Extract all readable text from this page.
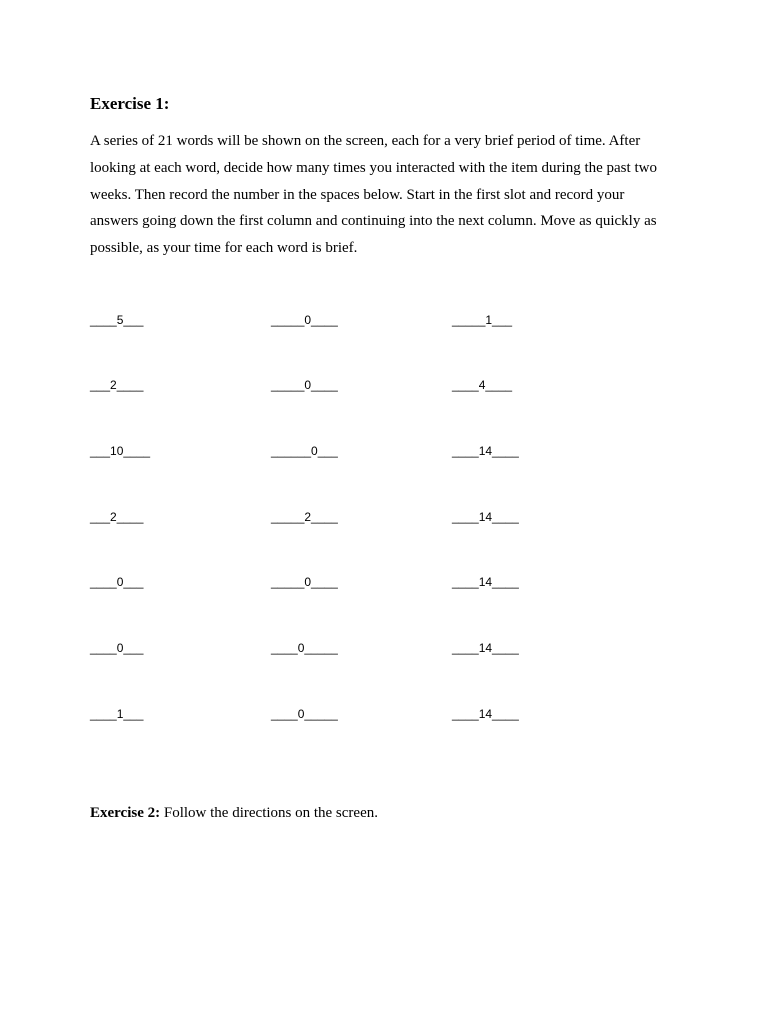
Exercise 1:
A series of 21 words will be shown on the screen, each for a very brief period of time. After looking at each word, decide how many times you interacted with the item during the past two weeks. Then record the number in the spaces below. Start in the first slot and record your answers going down the first column and continuing into the next column. Move as quickly as possible, as your time for each word is brief.
____5___
___2____
___10____
___2____
____0___
____0___
____1___
_____0____
_____0____
______0___
_____2____
_____0____
____0_____
____0_____
_____1___
____4____
____14____
____14____
____14____
____14____
____14____
Exercise 2: Follow the directions on the screen.
